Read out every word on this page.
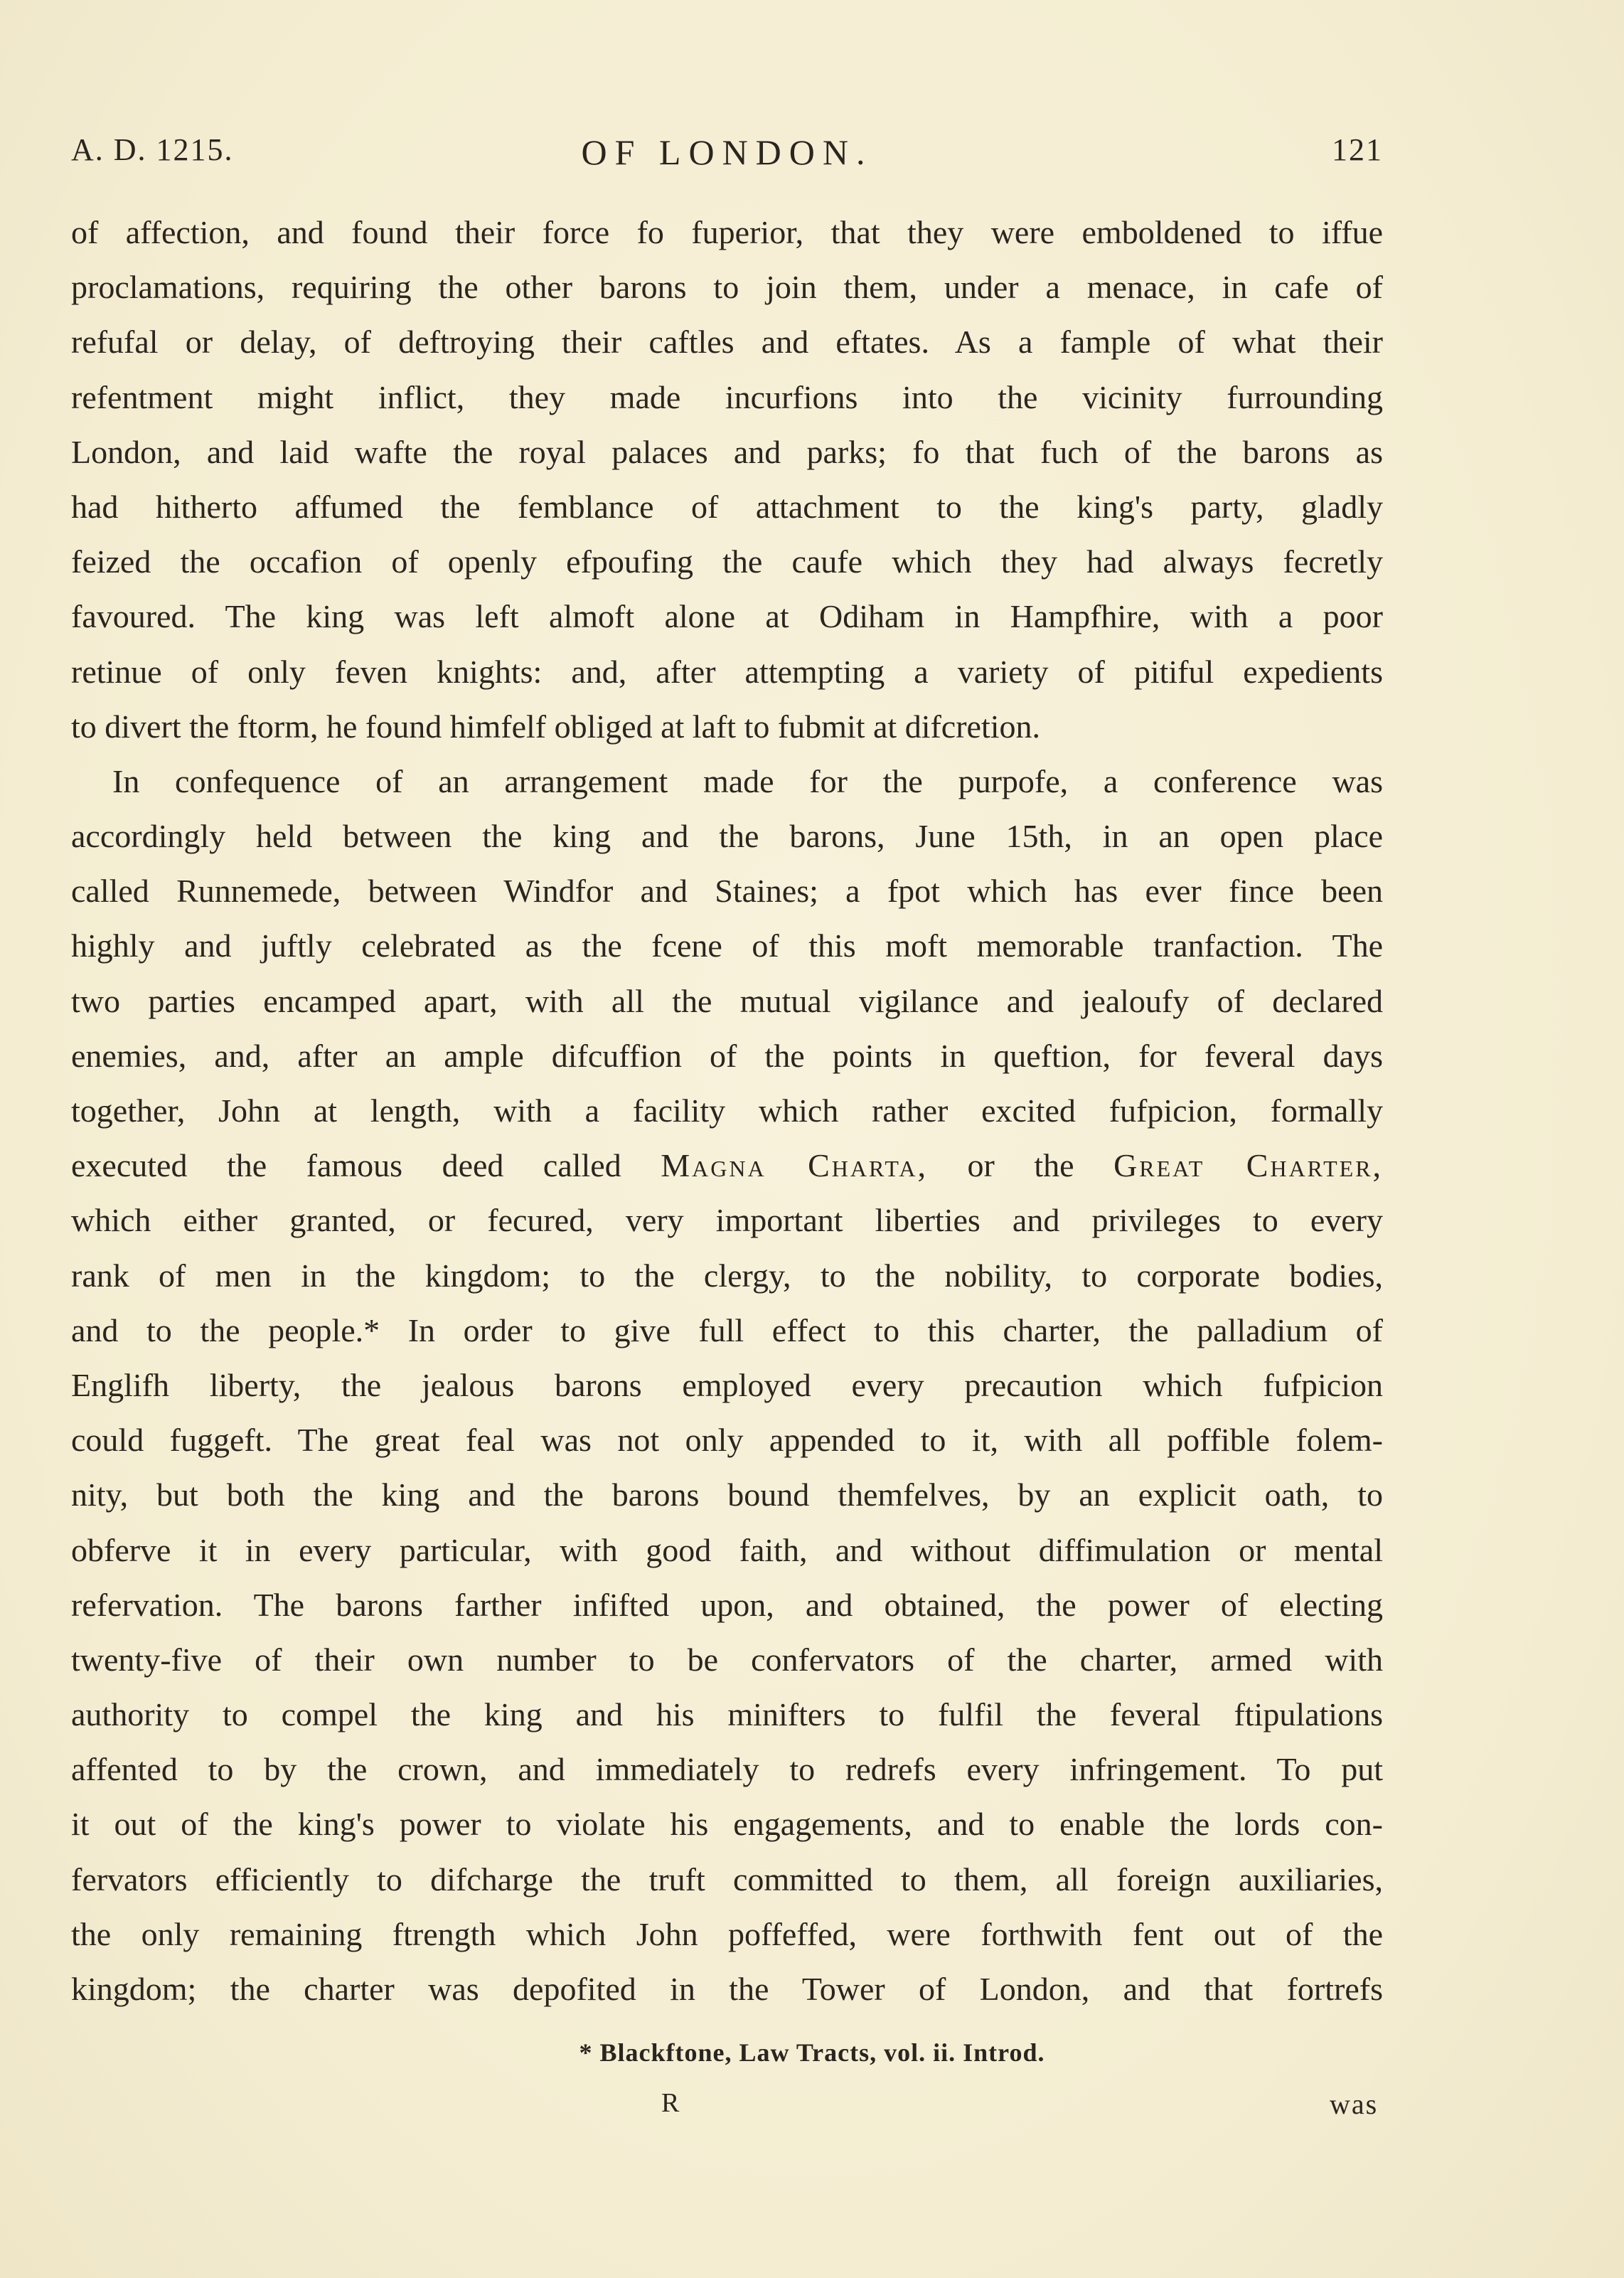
A. D. 1215.	OF LONDON.	121
of affection, and found their force fo fuperior, that they were emboldened to iffue
proclamations, requiring the other barons to join them, under a menace, in cafe of
refufal or delay, of deftroying their caftles and eftates. As a fample of what their
refentment might inflict, they made incurfions into the vicinity furrounding
London, and laid wafte the royal palaces and parks; fo that fuch of the barons as
had hitherto affumed the femblance of attachment to the king's party, gladly
feized the occafion of openly efpoufing the caufe which they had always fecretly
favoured. The king was left almoft alone at Odiham in Hampfhire, with a poor
retinue of only feven knights: and, after attempting a variety of pitiful expedients
to divert the ftorm, he found himfelf obliged at laft to fubmit at difcretion.
In confequence of an arrangement made for the purpofe, a conference was
accordingly held between the king and the barons, June 15th, in an open place
called Runnemede, between Windfor and Staines; a fpot which has ever fince been
highly and juftly celebrated as the fcene of this moft memorable tranfaction. The
two parties encamped apart, with all the mutual vigilance and jealoufy of declared
enemies, and, after an ample difcuffion of the points in queftion, for feveral days
together, John at length, with a facility which rather excited fufpicion, formally
executed the famous deed called Magna Charta, or the Great Charter,
which either granted, or fecured, very important liberties and privileges to every
rank of men in the kingdom; to the clergy, to the nobility, to corporate bodies,
and to the people.* In order to give full effect to this charter, the palladium of
Englifh liberty, the jealous barons employed every precaution which fufpicion
could fuggeft. The great feal was not only appended to it, with all poffible folem-
nity, but both the king and the barons bound themfelves, by an explicit oath, to
obferve it in every particular, with good faith, and without diffimulation or mental
refervation. The barons farther infifted upon, and obtained, the power of electing
twenty-five of their own number to be confervators of the charter, armed with
authority to compel the king and his minifters to fulfil the feveral ftipulations
affented to by the crown, and immediately to redrefs every infringement. To put
it out of the king's power to violate his engagements, and to enable the lords con-
fervators efficiently to difcharge the truft committed to them, all foreign auxiliaries,
the only remaining ftrength which John poffeffed, were forthwith fent out of the
kingdom; the charter was depofited in the Tower of London, and that fortrefs
* Blackftone, Law Tracts, vol. ii. Introd.
R	was
